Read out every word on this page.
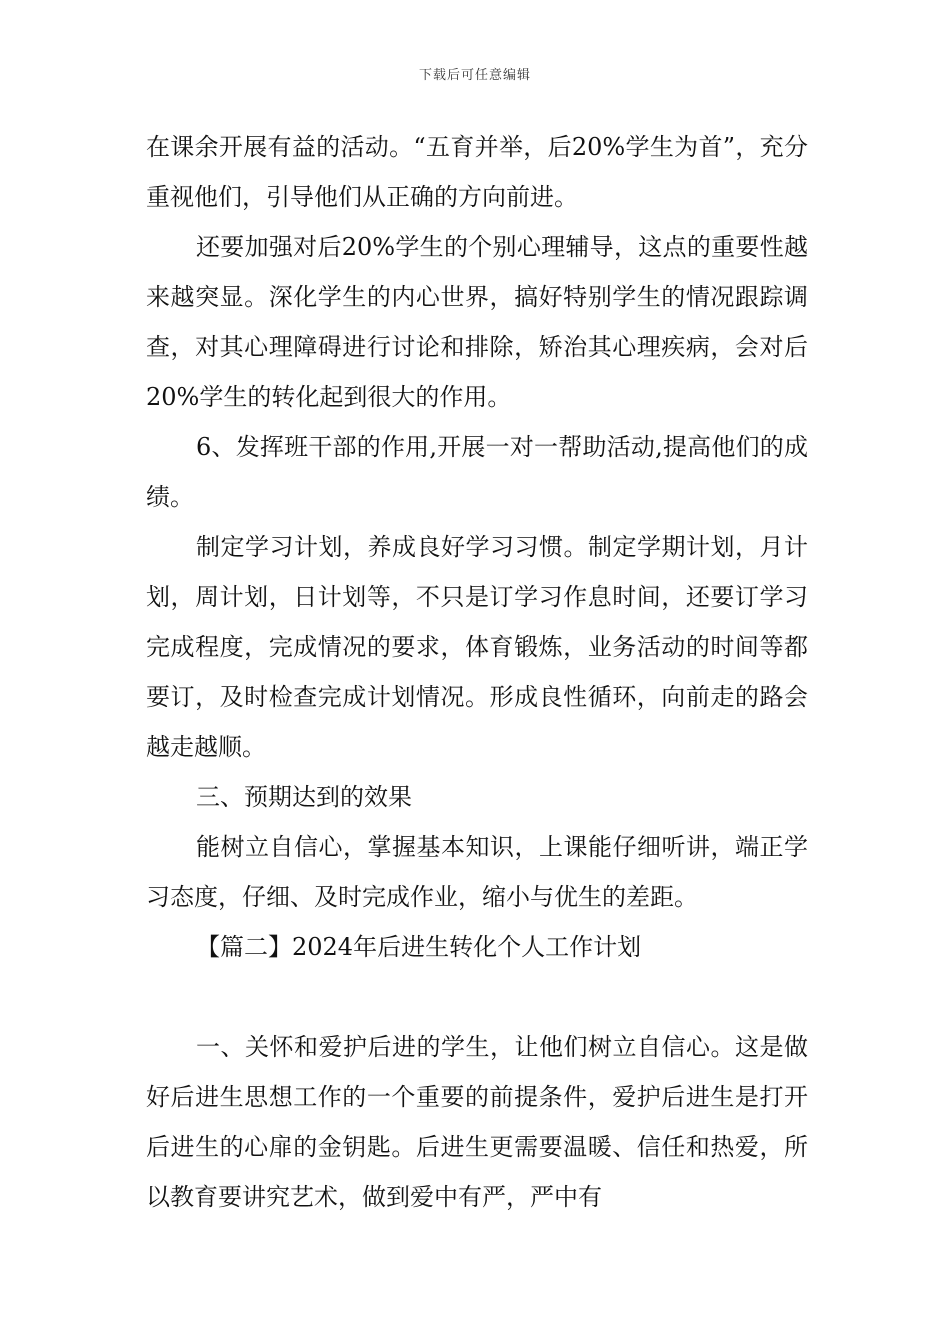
下载后可任意编辑

在课余开展有益的活动。“五育并举，后20%学生为首”，充分重视他们，引导他们从正确的方向前进。

还要加强对后20%学生的个别心理辅导，这点的重要性越来越突显。深化学生的内心世界，搞好特别学生的情况跟踪调查，对其心理障碍进行讨论和排除，矫治其心理疾病，会对后20%学生的转化起到很大的作用。

6、发挥班干部的作用,开展一对一帮助活动,提高他们的成绩。

制定学习计划，养成良好学习习惯。制定学期计划，月计划，周计划，日计划等，不只是订学习作息时间，还要订学习完成程度，完成情况的要求，体育锻炼，业务活动的时间等都要订，及时检查完成计划情况。形成良性循环，向前走的路会越走越顺。

三、预期达到的效果

能树立自信心，掌握基本知识，上课能仔细听讲，端正学习态度，仔细、及时完成作业，缩小与优生的差距。

【篇二】2024年后进生转化个人工作计划

一、关怀和爱护后进的学生，让他们树立自信心。这是做好后进生思想工作的一个重要的前提条件，爱护后进生是打开后进生的心扉的金钥匙。后进生更需要温暖、信任和热爱，所以教育要讲究艺术，做到爱中有严，严中有
